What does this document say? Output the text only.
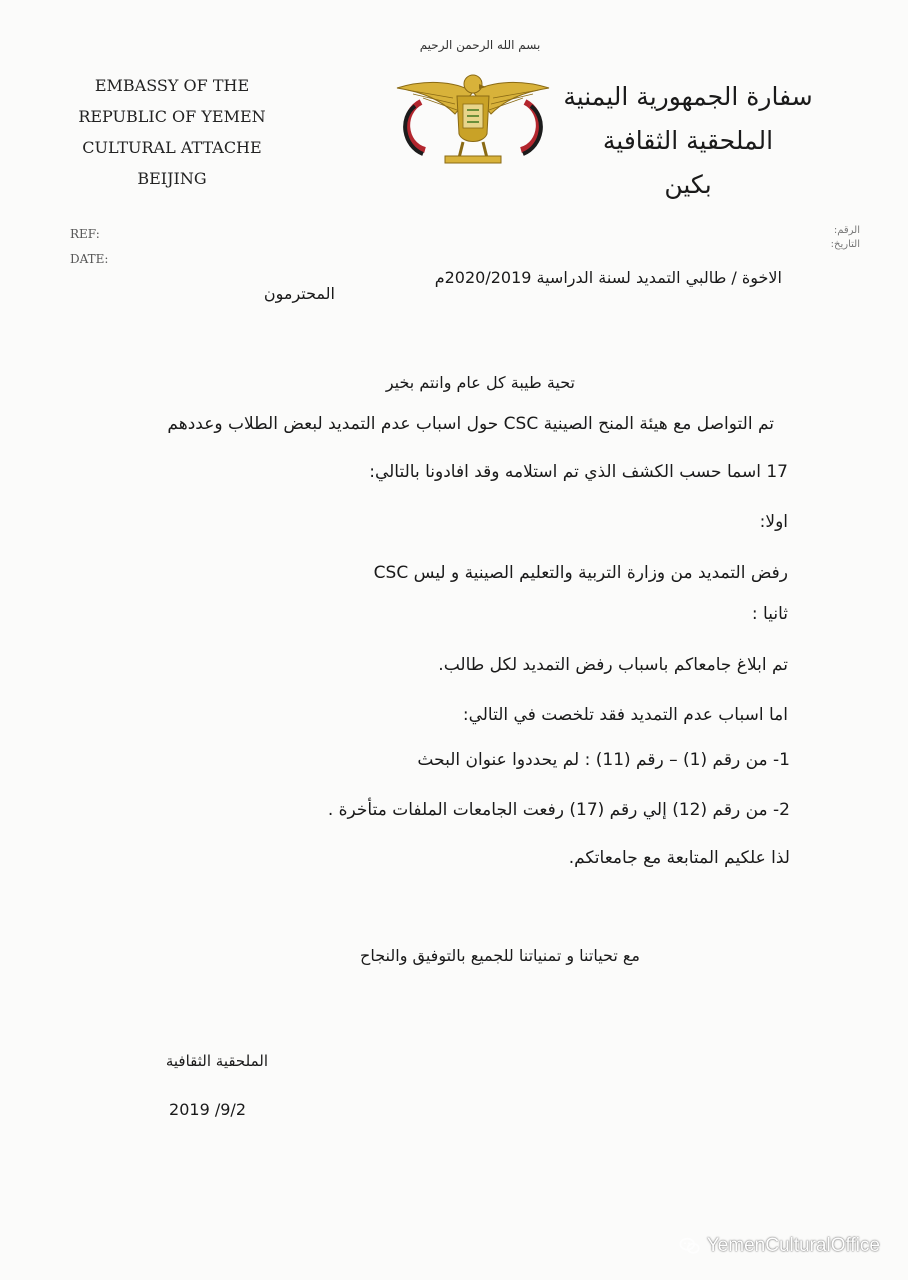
بسم الله الرحمن الرحيم
EMBASSY OF THE
REPUBLIC OF YEMEN
CULTURAL ATTACHE
BEIJING
سفارة الجمهورية اليمنية
الملحقية الثقافية
بكين
REF:
DATE:
الرقم:
التاريخ:
الاخوة / طالبي التمديد لسنة الدراسية 2020/2019م
المحترمون
تحية طيبة كل عام وانتم بخير
تم التواصل مع هيئة المنح الصينية CSC حول اسباب عدم التمديد لبعض الطلاب وعددهم
17 اسما حسب الكشف الذي تم استلامه وقد افادونا بالتالي:
اولا:
رفض التمديد من وزارة التربية والتعليم الصينية و ليس CSC
ثانيا :
تم ابلاغ جامعاكم باسباب رفض التمديد لكل طالب.
اما اسباب عدم التمديد فقد تلخصت في التالي:
1- من رقم (1) – رقم (11) : لم يحددوا عنوان البحث
2- من رقم (12) إلي رقم (17) رفعت الجامعات الملفات متأخرة .
لذا علكيم المتابعة مع جامعاتكم.
مع تحياتنا و تمنياتنا للجميع بالتوفيق والنجاح
الملحقية الثقافية
2019 /9/2
YemenCulturalOffice
